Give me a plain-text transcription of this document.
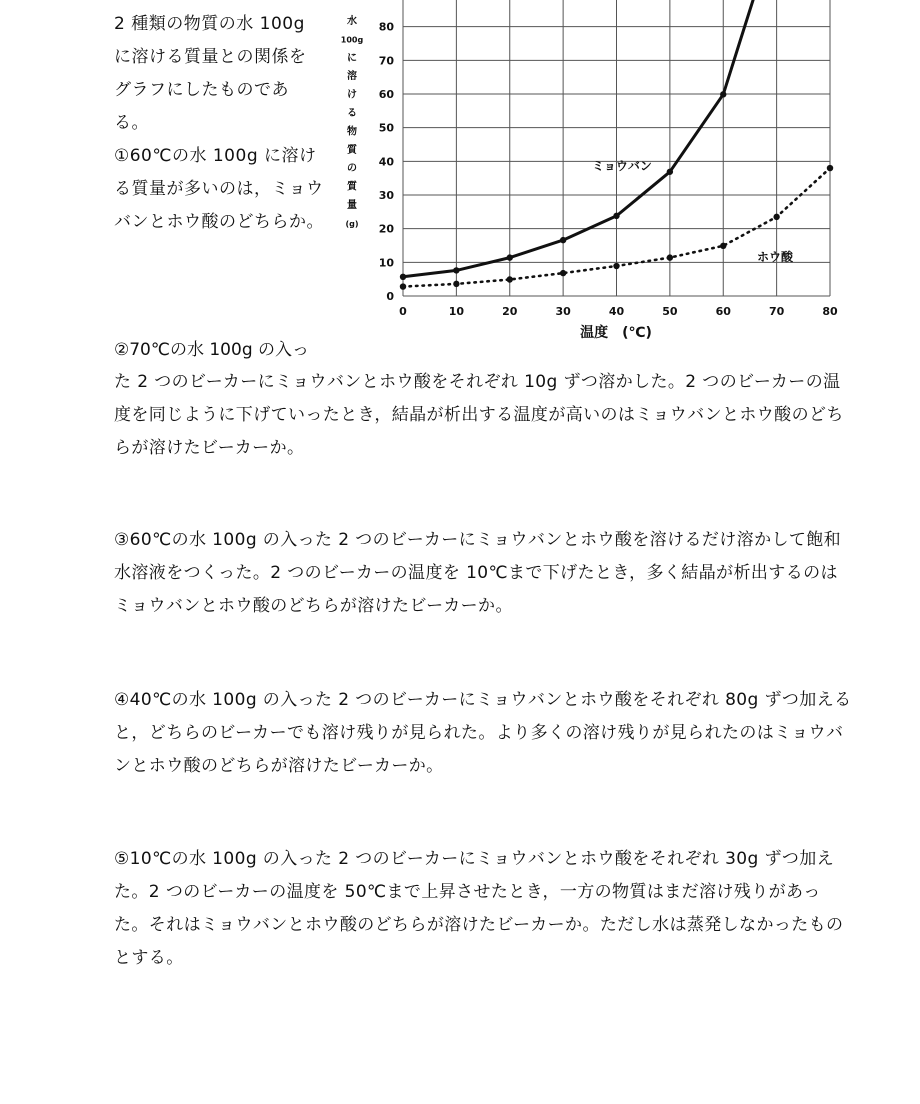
2 種類の物質の水 100g

に溶ける質量との関係を

グラフにしたものであ

る。

①60℃の水 100g に溶ける質量が多いのは，ミョウバンとホウ酸のどちらか。

0
10
20
30
40
50
60
70
80
0	10	20	30	40	50	60	70	80
水
100g
に
溶
け
る
物
質
の
質
量
(g)
温度　(℃)
ミョウバン
ホウ酸
②70℃の水 100g の入っ

た 2 つのビーカーにミョウバンとホウ酸をそれぞれ 10g ずつ溶かした。2 つのビーカーの温度を同じように下げていったとき，結晶が析出する温度が高いのはミョウバンとホウ酸のどちらが溶けたビーカーか。

③60℃の水 100g の入った 2 つのビーカーにミョウバンとホウ酸を溶けるだけ溶かして飽和水溶液をつくった。2 つのビーカーの温度を 10℃まで下げたとき，多く結晶が析出するのはミョウバンとホウ酸のどちらが溶けたビーカーか。

④40℃の水 100g の入った 2 つのビーカーにミョウバンとホウ酸をそれぞれ 80g ずつ加えると，どちらのビーカーでも溶け残りが見られた。より多くの溶け残りが見られたのはミョウバンとホウ酸のどちらが溶けたビーカーか。

⑤10℃の水 100g の入った 2 つのビーカーにミョウバンとホウ酸をそれぞれ 30g ずつ加えた。2 つのビーカーの温度を 50℃まで上昇させたとき，一方の物質はまだ溶け残りがあった。それはミョウバンとホウ酸のどちらが溶けたビーカーか。ただし水は蒸発しなかったものとする。
